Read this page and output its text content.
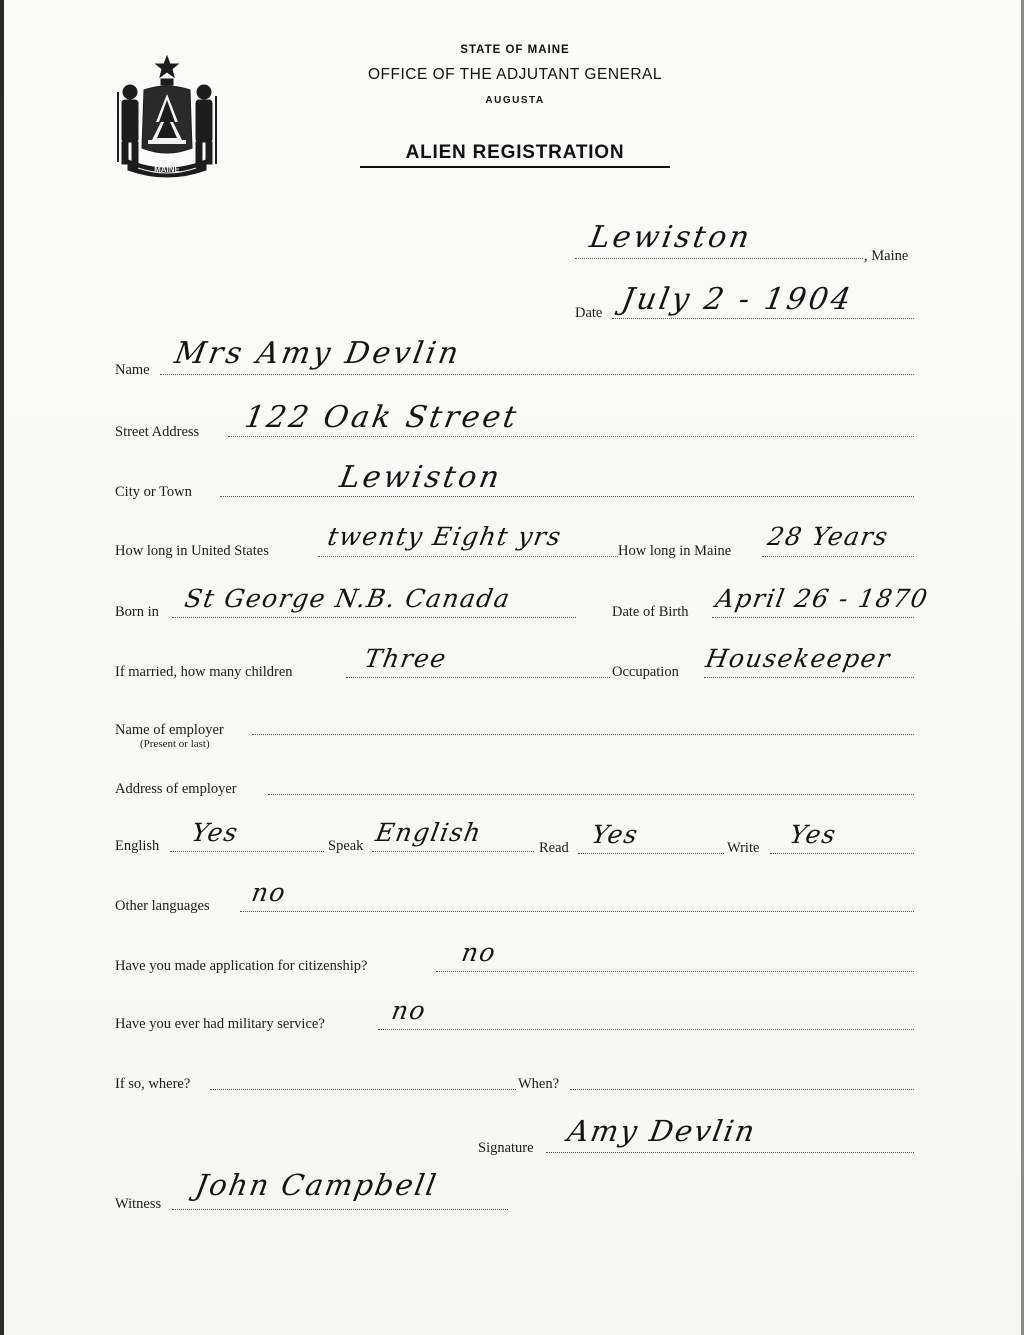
MAINE
STATE OF MAINE
OFFICE OF THE ADJUTANT GENERAL
AUGUSTA
ALIEN REGISTRATION
Lewiston
, Maine
Date July 2 - 1904
Name Mrs Amy Devlin
Street Address 122 Oak Street
City or Town	Lewiston
How long in United States twenty Eight yrs	How long in Maine 28 Years
Born in St George N.B. Canada	Date of Birth April 26 - 1870
If married, how many children	Three	Occupation Housekeeper
Name of employer
(Present or last)
Address of employer
English Yes	Speak English
Read Yes	Write Yes
Other languages no
Have you made application for citizenship?	no
Have you ever had military service?	no
If so, where?	When?
Signature Amy Devlin
Witness
John Campbell
